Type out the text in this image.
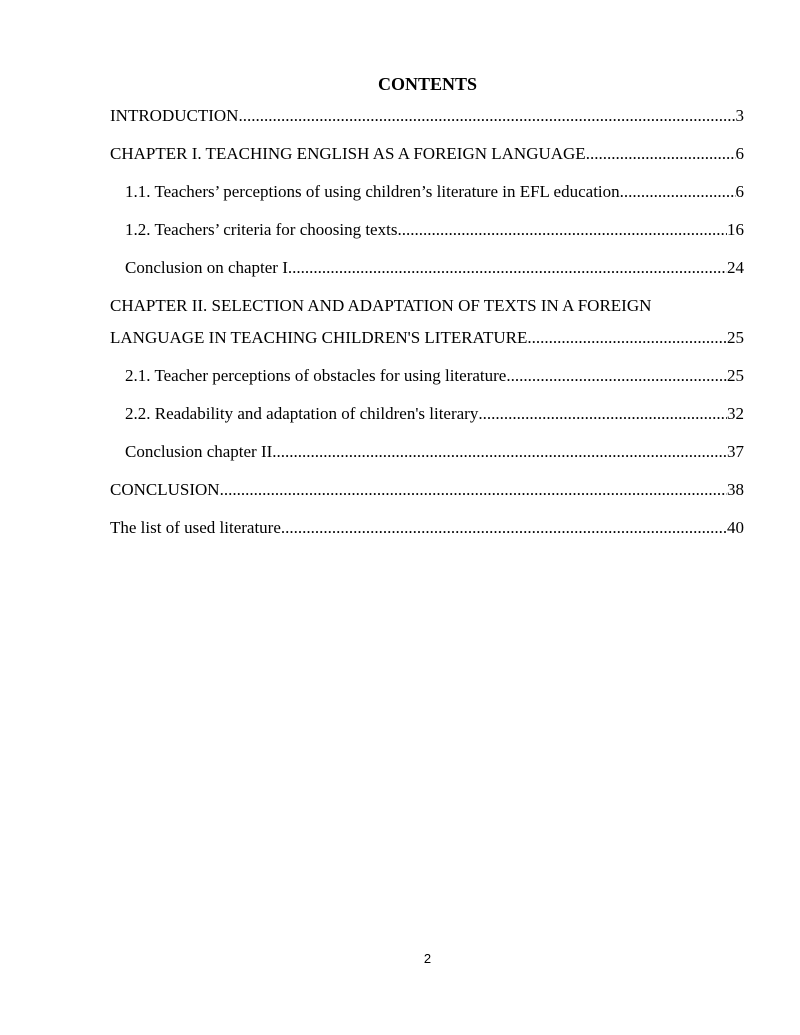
CONTENTS
INTRODUCTION .....	3
CHAPTER I. TEACHING ENGLISH AS A FOREIGN LANGUAGE .....	6
1.1. Teachers’ perceptions of using children’s literature in EFL education .....	6
1.2. Teachers’ criteria for choosing texts .....	16
Conclusion on chapter I .....	24
CHAPTER II. SELECTION AND ADAPTATION OF TEXTS IN A FOREIGN
LANGUAGE IN TEACHING CHILDREN'S LITERATURE .....	25
2.1. Teacher perceptions of obstacles for using literature .....	25
2.2. Readability and adaptation of children's literary .....	32
Conclusion chapter II .....	37
CONCLUSION .....	38
The list of used literature .....	40
2
